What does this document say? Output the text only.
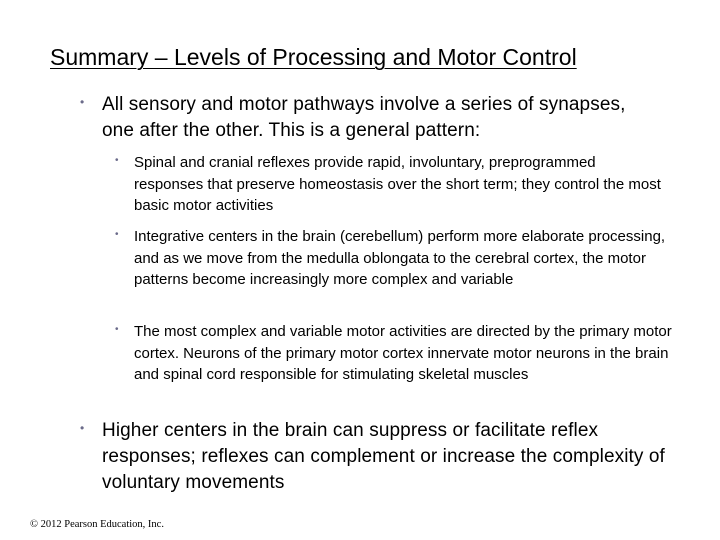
Summary – Levels of Processing and Motor Control
• All sensory and motor pathways involve a series of synapses, one after the other. This is a general pattern:
• Spinal and cranial reflexes provide rapid, involuntary, preprogrammed responses that preserve homeostasis over the short term; they control the most basic motor activities
• Integrative centers in the brain (cerebellum) perform more elaborate processing, and as we move from the medulla oblongata to the cerebral cortex, the motor patterns become increasingly more complex and variable
• The most complex and variable motor activities are directed by the primary motor cortex. Neurons of the primary motor cortex innervate motor neurons in the brain and spinal cord responsible for stimulating skeletal muscles
• Higher centers in the brain can suppress or facilitate reflex responses; reflexes can complement or increase the complexity of voluntary movements
© 2012 Pearson Education, Inc.
